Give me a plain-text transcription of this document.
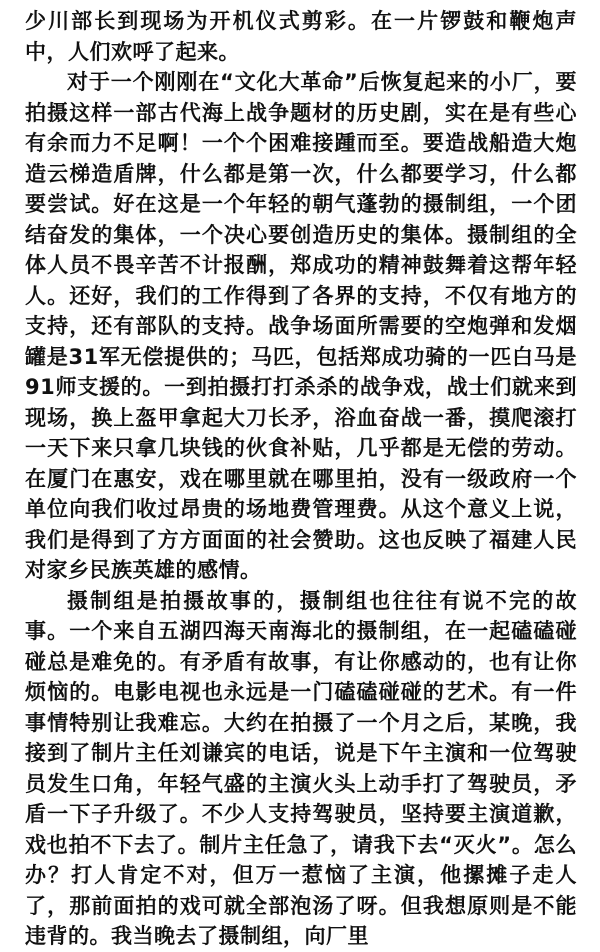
少川部长到现场为开机仪式剪彩。在一片锣鼓和鞭炮声中，人们欢呼了起来。

对于一个刚刚在“文化大革命”后恢复起来的小厂，要拍摄这样一部古代海上战争题材的历史剧，实在是有些心有余而力不足啊！一个个困难接踵而至。要造战船造大炮造云梯造盾牌，什么都是第一次，什么都要学习，什么都要尝试。好在这是一个年轻的朝气蓬勃的摄制组，一个团结奋发的集体，一个决心要创造历史的集体。摄制组的全体人员不畏辛苦不计报酬，郑成功的精神鼓舞着这帮年轻人。还好，我们的工作得到了各界的支持，不仅有地方的支持，还有部队的支持。战争场面所需要的空炮弹和发烟罐是31军无偿提供的；马匹，包括郑成功骑的一匹白马是91师支援的。一到拍摄打打杀杀的战争戏，战士们就来到现场，换上盔甲拿起大刀长矛，浴血奋战一番，摸爬滚打一天下来只拿几块钱的伙食补贴，几乎都是无偿的劳动。在厦门在惠安，戏在哪里就在哪里拍，没有一级政府一个单位向我们收过昂贵的场地费管理费。从这个意义上说，我们是得到了方方面面的社会赞助。这也反映了福建人民对家乡民族英雄的感情。

摄制组是拍摄故事的，摄制组也往往有说不完的故事。一个来自五湖四海天南海北的摄制组，在一起磕磕碰碰总是难免的。有矛盾有故事，有让你感动的，也有让你烦恼的。电影电视也永远是一门磕磕碰碰的艺术。有一件事情特别让我难忘。大约在拍摄了一个月之后，某晚，我接到了制片主任刘谦宾的电话，说是下午主演和一位驾驶员发生口角，年轻气盛的主演火头上动手打了驾驶员，矛盾一下子升级了。不少人支持驾驶员，坚持要主演道歉，戏也拍不下去了。制片主任急了，请我下去“灭火”。怎么办？打人肯定不对，但万一惹恼了主演，他摞摊子走人了，那前面拍的戏可就全部泡汤了呀。但我想原则是不能违背的。我当晚去了摄制组，向厂里
